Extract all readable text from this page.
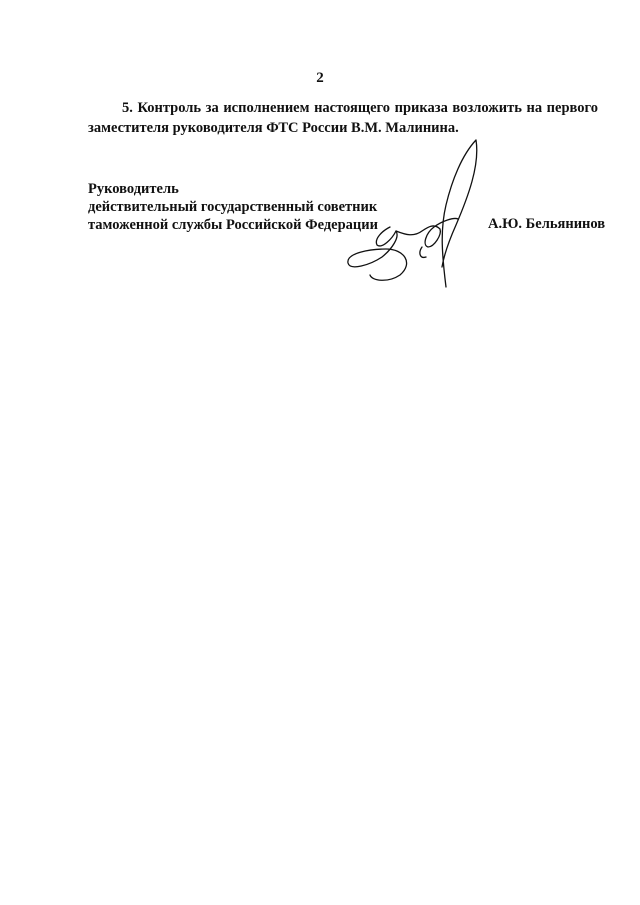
2

5. Контроль за исполнением настоящего приказа возложить на первого заместителя руководителя ФТС России В.М. Малинина.

Руководитель
действительный государственный советник
таможенной службы Российской Федерации	А.Ю. Бельянинов
